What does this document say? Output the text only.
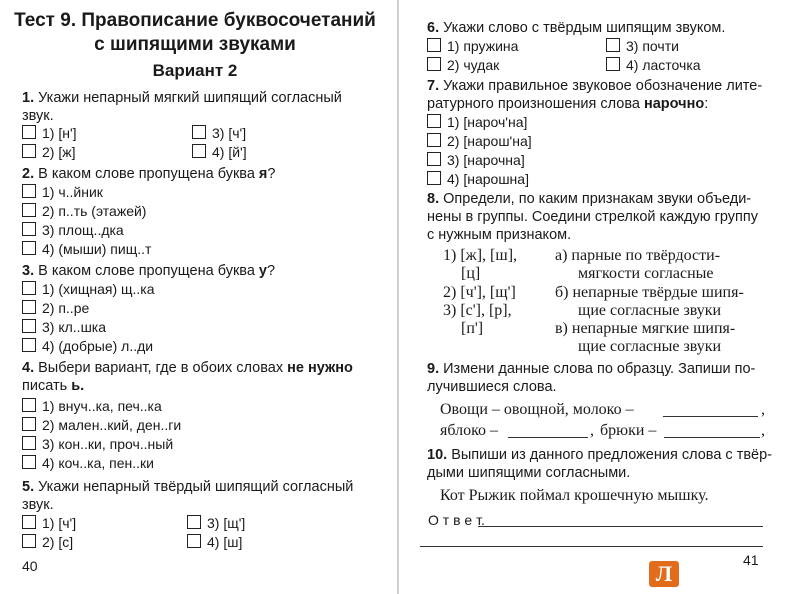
Тест 9. Правописание буквосочетаний
с шипящими звуками
Вариант 2
1. Укажи непарный мягкий шипящий согласный
звук.
1) [н']
2) [ж]
3) [ч']
4) [й']
2. В каком слове пропущена буква я?
1) ч..йник
2) п..ть (этажей)
3) площ..дка
4) (мыши) пищ..т
3. В каком слове пропущена буква у?
1) (хищная) щ..ка
2) п..ре
3) кл..шка
4) (добрые) л..ди
4. Выбери вариант, где в обоих словах не нужно
писать ь.
1) внуч..ка, печ..ка
2) мален..кий, ден..ги
3) кон..ки, проч..ный
4) коч..ка, пен..ки
5. Укажи непарный твёрдый шипящий согласный
звук.
1) [ч']
2) [с]
3) [щ']
4) [ш]
40
6. Укажи слово с твёрдым шипящим звуком.
1) пружина
2) чудак
3) почти
4) ласточка
7. Укажи правильное звуковое обозначение лите-
ратурного произношения слова нарочно:
1) [нароч'на]
2) [нарош'на]
3) [нарочна]
4) [нарошна]
8. Определи, по каким признакам звуки объеди-
нены в группы. Соедини стрелкой каждую группу
с нужным признаком.
1) [ж], [ш],
[ц]
2) [ч'], [щ']
3) [с'], [р],
[п']
а) парные по твёрдости-
мягкости согласные
б) непарные твёрдые шипя-
щие согласные звуки
в) непарные мягкие шипя-
щие согласные звуки
9. Измени данные слова по образцу. Запиши по-
лучившиеся слова.
Овощи – овощной, молоко –	,
яблоко –	, брюки –	,
10. Выпиши из данного предложения слова с твёр-
дыми шипящими согласными.
Кот Рыжик поймал крошечную мышку.
О т в е т.
41
Л
